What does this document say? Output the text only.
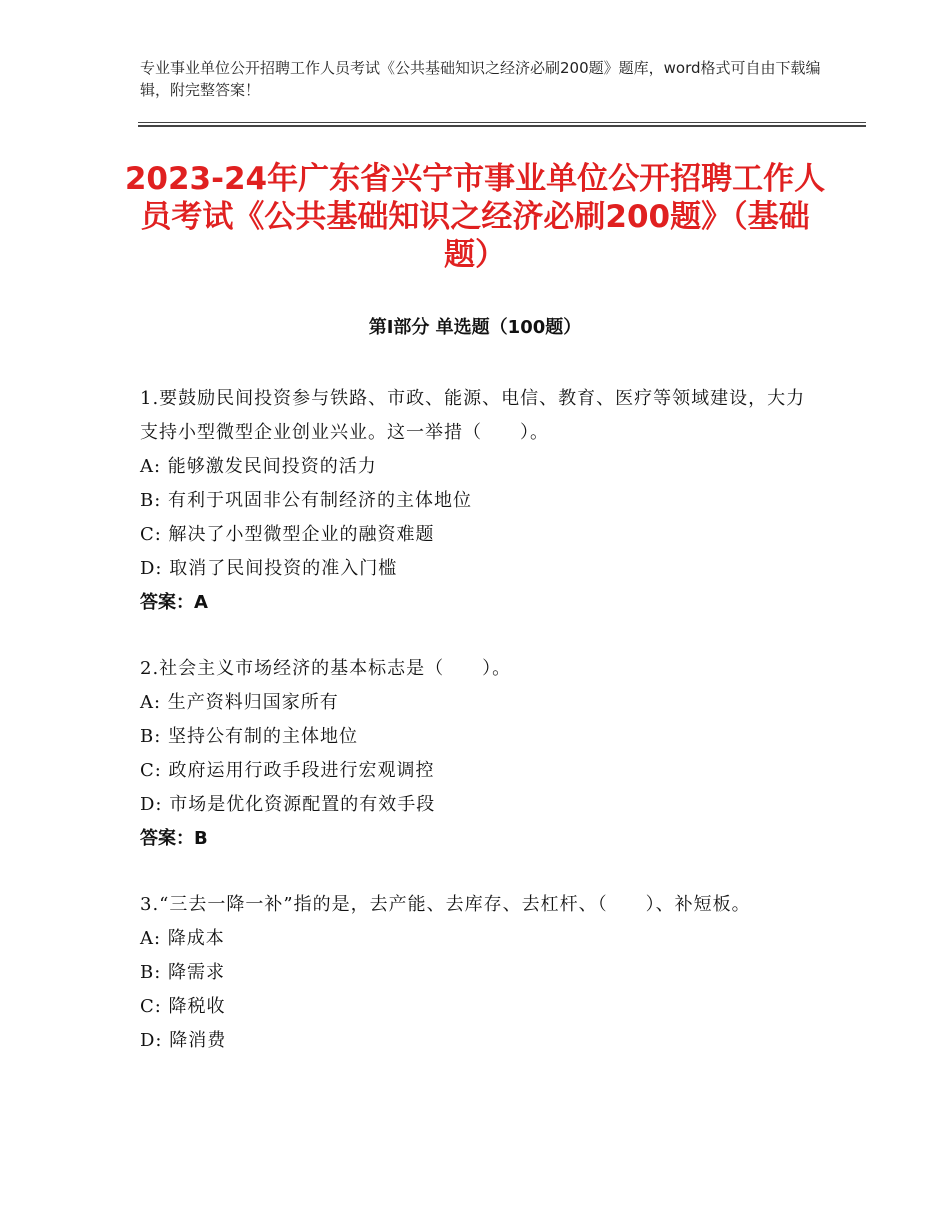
专业事业单位公开招聘工作人员考试《公共基础知识之经济必刷200题》题库，word格式可自由下载编辑，附完整答案！
2023-24年广东省兴宁市事业单位公开招聘工作人员考试《公共基础知识之经济必刷200题》（基础题）
第Ⅰ部分 单选题（100题）
1.要鼓励民间投资参与铁路、市政、能源、电信、教育、医疗等领域建设，大力支持小型微型企业创业兴业。这一举措（　　）。
A: 能够激发民间投资的活力
B: 有利于巩固非公有制经济的主体地位
C: 解决了小型微型企业的融资难题
D: 取消了民间投资的准入门槛
答案：A
2.社会主义市场经济的基本标志是（　　）。
A: 生产资料归国家所有
B: 坚持公有制的主体地位
C: 政府运用行政手段进行宏观调控
D: 市场是优化资源配置的有效手段
答案：B
3.“三去一降一补”指的是，去产能、去库存、去杠杆、（　　）、补短板。
A: 降成本
B: 降需求
C: 降税收
D: 降消费
